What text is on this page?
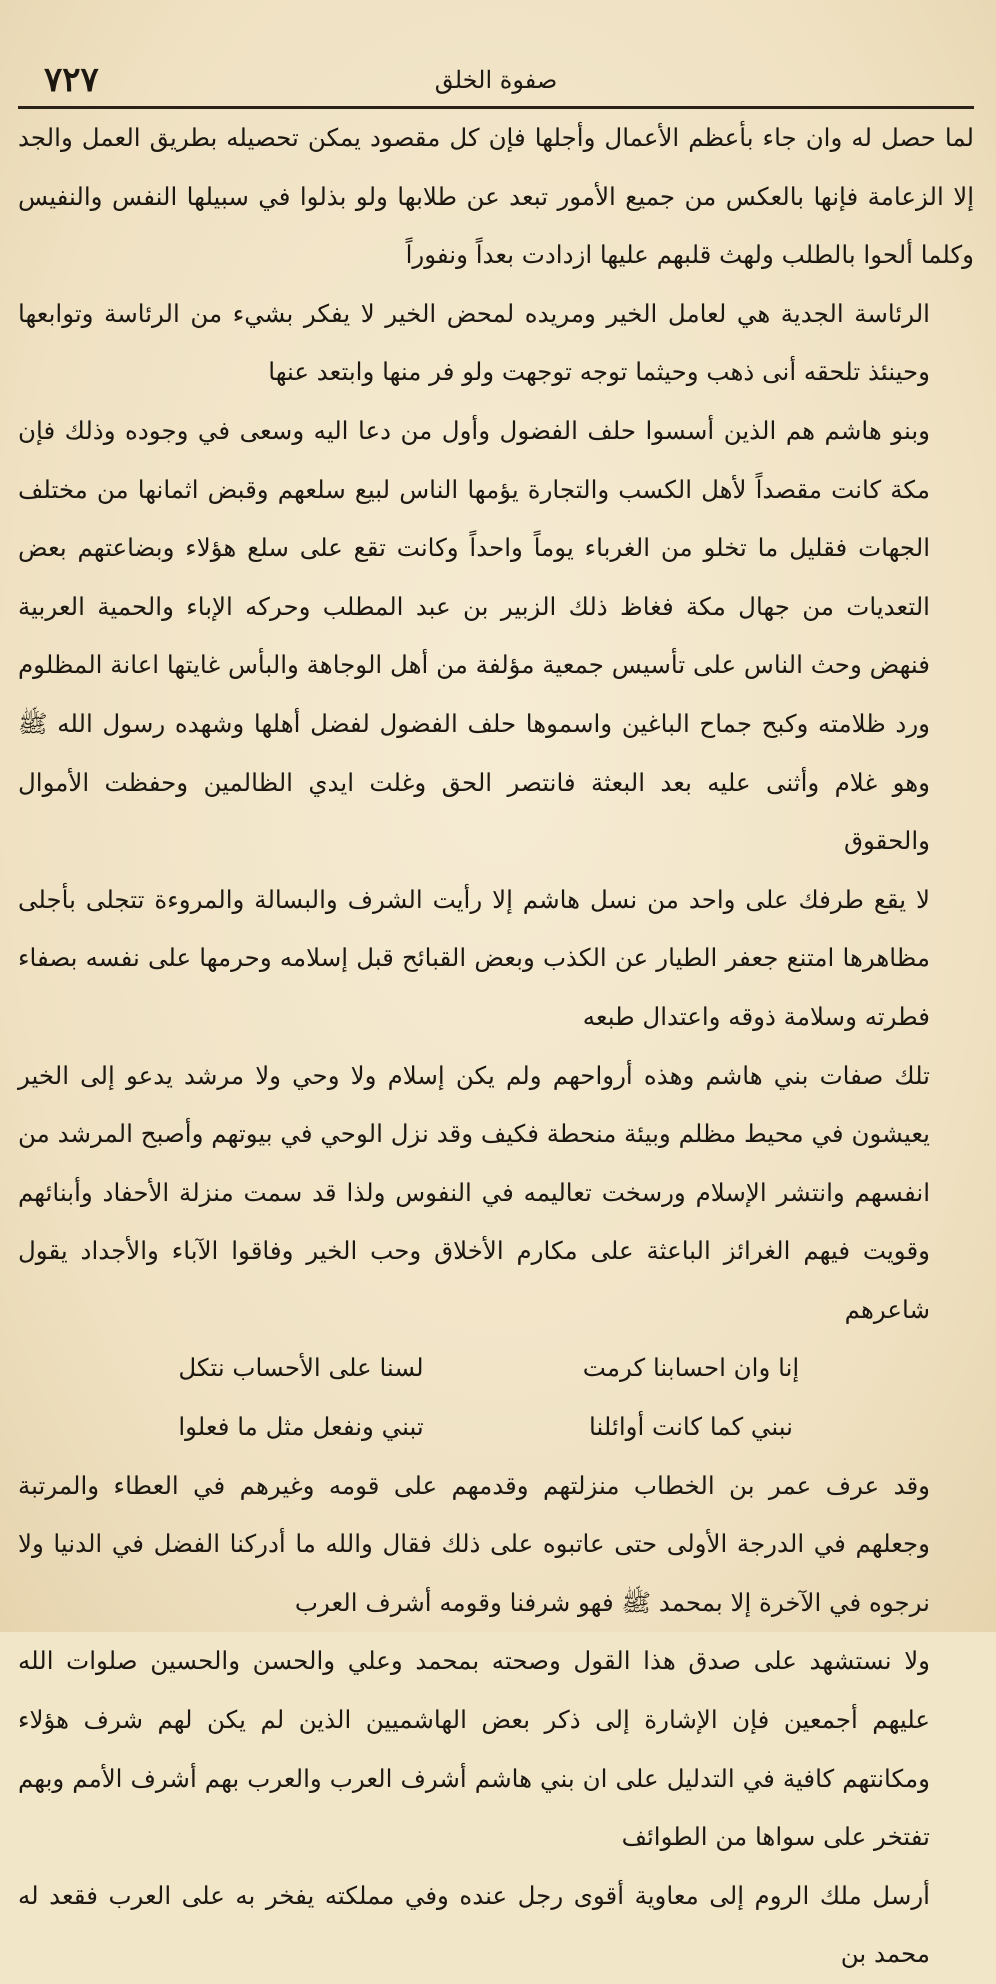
صفوة الخلق
٧٢٧

لما حصل له وان جاء بأعظم الأعمال وأجلها فإن كل مقصود يمكن تحصيله بطريق العمل والجد إلا الزعامة فإنها بالعكس من جميع الأمور تبعد عن طلابها ولو بذلوا في سبيلها النفس والنفيس وكلما ألحوا بالطلب ولهث قلبهم عليها ازدادت بعداً ونفوراً

الرئاسة الجدية هي لعامل الخير ومريده لمحض الخير لا يفكر بشيء من الرئاسة وتوابعها وحينئذ تلحقه أنى ذهب وحيثما توجه توجهت ولو فر منها وابتعد عنها

وبنو هاشم هم الذين أسسوا حلف الفضول وأول من دعا اليه وسعى في وجوده وذلك فإن مكة كانت مقصداً لأهل الكسب والتجارة يؤمها الناس لبيع سلعهم وقبض اثمانها من مختلف الجهات فقليل ما تخلو من الغرباء يوماً واحداً وكانت تقع على سلع هؤلاء وبضاعتهم بعض التعديات من جهال مكة فغاظ ذلك الزبير بن عبد المطلب وحركه الإباء والحمية العربية فنهض وحث الناس على تأسيس جمعية مؤلفة من أهل الوجاهة والبأس غايتها اعانة المظلوم ورد ظلامته وكبح جماح الباغين واسموها حلف الفضول لفضل أهلها وشهده رسول الله ﷺ وهو غلام وأثنى عليه بعد البعثة فانتصر الحق وغلت ايدي الظالمين وحفظت الأموال والحقوق

لا يقع طرفك على واحد من نسل هاشم إلا رأيت الشرف والبسالة والمروءة تتجلى بأجلى مظاهرها امتنع جعفر الطيار عن الكذب وبعض القبائح قبل إسلامه وحرمها على نفسه بصفاء فطرته وسلامة ذوقه واعتدال طبعه

تلك صفات بني هاشم وهذه أرواحهم ولم يكن إسلام ولا وحي ولا مرشد يدعو إلى الخير يعيشون في محيط مظلم وبيئة منحطة فكيف وقد نزل الوحي في بيوتهم وأصبح المرشد من انفسهم وانتشر الإسلام ورسخت تعاليمه في النفوس ولذا قد سمت منزلة الأحفاد وأبنائهم وقويت فيهم الغرائز الباعثة على مكارم الأخلاق وحب الخير وفاقوا الآباء والأجداد يقول شاعرهم

إنا وان احسابنا كرمت
لسنا على الأحساب نتكل
نبني كما كانت أوائلنا
تبني ونفعل مثل ما فعلوا

وقد عرف عمر بن الخطاب منزلتهم وقدمهم على قومه وغيرهم في العطاء والمرتبة وجعلهم في الدرجة الأولى حتى عاتبوه على ذلك فقال والله ما أدركنا الفضل في الدنيا ولا نرجوه في الآخرة إلا بمحمد ﷺ فهو شرفنا وقومه أشرف العرب

ولا نستشهد على صدق هذا القول وصحته بمحمد وعلي والحسن والحسين صلوات الله عليهم أجمعين فإن الإشارة إلى ذكر بعض الهاشميين الذين لم يكن لهم شرف هؤلاء ومكانتهم كافية في التدليل على ان بني هاشم أشرف العرب والعرب بهم أشرف الأمم وبهم تفتخر على سواها من الطوائف

أرسل ملك الروم إلى معاوية أقوى رجل عنده وفي مملكته يفخر به على العرب فقعد له محمد بن
